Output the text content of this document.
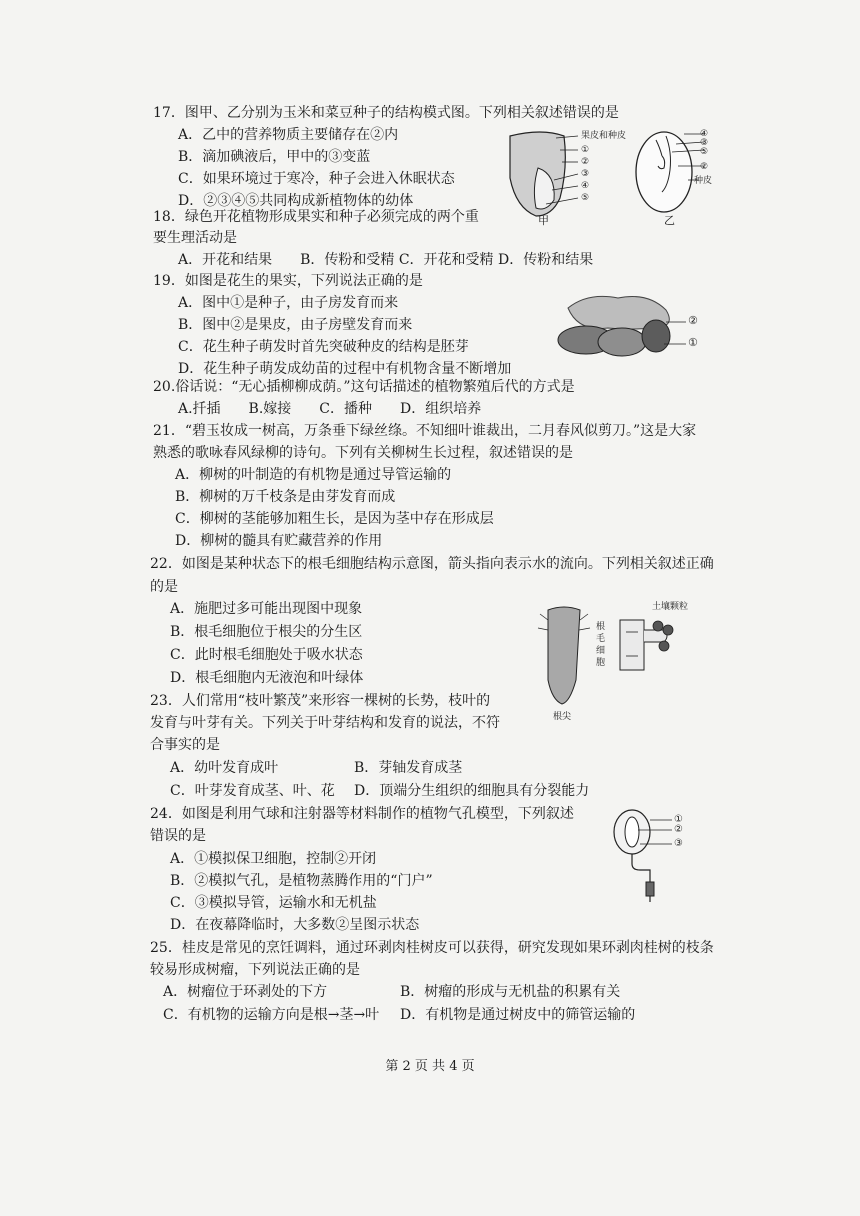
17．图甲、乙分别为玉米和菜豆种子的结构模式图。下列相关叙述错误的是
A．乙中的营养物质主要储存在②内
B．滴加碘液后，甲中的③变蓝
C．如果环境过于寒冷，种子会进入休眠状态
D．②③④⑤共同构成新植物体的幼体
果皮和种皮
①
②
③
④
⑤
甲
④
③
⑤
②
种皮
乙
18．绿色开花植物形成果实和种子必须完成的两个重
要生理活动是
A．开花和结果　　B．传粉和受精 C．开花和受精 D．传粉和结果
19．如图是花生的果实，下列说法正确的是
A．图中①是种子，由子房发育而来
B．图中②是果皮，由子房壁发育而来
C．花生种子萌发时首先突破种皮的结构是胚芽
D．花生种子萌发成幼苗的过程中有机物含量不断增加
②
①
20.俗话说：“无心插柳柳成荫。”这句话描述的植物繁殖后代的方式是
A.扦插　　B.嫁接　　C．播种　　D．组织培养
21．“碧玉妆成一树高，万条垂下绿丝绦。不知细叶谁裁出，二月春风似剪刀。”这是大家
熟悉的歌咏春风绿柳的诗句。下列有关柳树生长过程，叙述错误的是
A．柳树的叶制造的有机物是通过导管运输的
B．柳树的万千枝条是由芽发育而成
C．柳树的茎能够加粗生长，是因为茎中存在形成层
D．柳树的髓具有贮藏营养的作用
22．如图是某种状态下的根毛细胞结构示意图，箭头指向表示水的流向。下列相关叙述正确
的是
A．施肥过多可能出现图中现象
B．根毛细胞位于根尖的分生区
C．此时根毛细胞处于吸水状态
D．根毛细胞内无液泡和叶绿体
土壤颗粒
根
毛
细
胞
根尖
23．人们常用“枝叶繁茂”来形容一棵树的长势，枝叶的
发育与叶芽有关。下列关于叶芽结构和发育的说法，不符
合事实的是
A．幼叶发育成叶	B．芽轴发育成茎
C．叶芽发育成茎、叶、花 D．顶端分生组织的细胞具有分裂能力
24．如图是利用气球和注射器等材料制作的植物气孔模型，下列叙述
错误的是
A．①模拟保卫细胞，控制②开闭
B．②模拟气孔，是植物蒸腾作用的“门户”
C．③模拟导管，运输水和无机盐
D．在夜幕降临时，大多数②呈图示状态
①
②
③
25．桂皮是常见的烹饪调料，通过环剥肉桂树皮可以获得，研究发现如果环剥肉桂树的枝条
较易形成树瘤，下列说法正确的是
A．树瘤位于环剥处的下方	B．树瘤的形成与无机盐的积累有关
C．有机物的运输方向是根→茎→叶 D．有机物是通过树皮中的筛管运输的
第 2 页 共 4 页
